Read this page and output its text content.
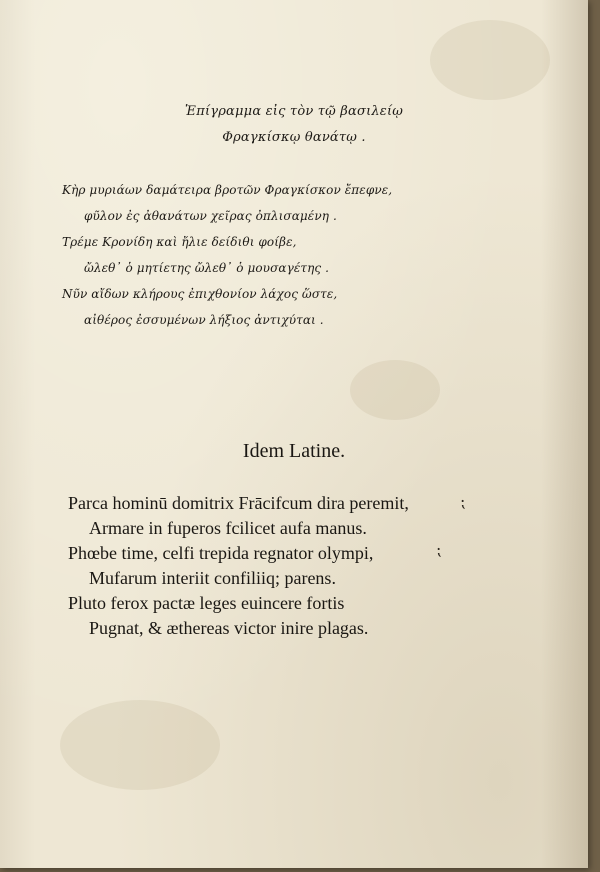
Ἐπίγραμμα εἰς τὸν τῷ βασιλείῳ
Φραγκίσκῳ θανάτῳ .
Κὴρ μυριάων δαμάτειρα βροτῶν Φραγκίσκον ἔπεφνε,
φῦλον ἐς ἀθανάτων χεῖρας ὀπλισαμένη .
Τρέμε Κρονίδη καὶ ἤλιε δείδιθι φοίβε,
ὤλεθ᾽ ὁ μητίετης ὤλεθ᾽ ὁ μουσαγέτης .
Νῦν αἴδων κλήρους ἐπιχθονίον λάχος ὥστε,
αἰθέρος ἐσσυμένων λήξιος ἀντιχύται .
Idem Latine.
Parca hominū domitrix Frācifcum dira peremit,
Armare in fuperos fcilicet aufa manus.
Phœbe time, celfi trepida regnator olympi,
Mufarum interiit confiliiq; parens.
Pluto ferox pactæ leges euincere fortis
Pugnat, & æthereas victor inire plagas.
⁏
⁏
